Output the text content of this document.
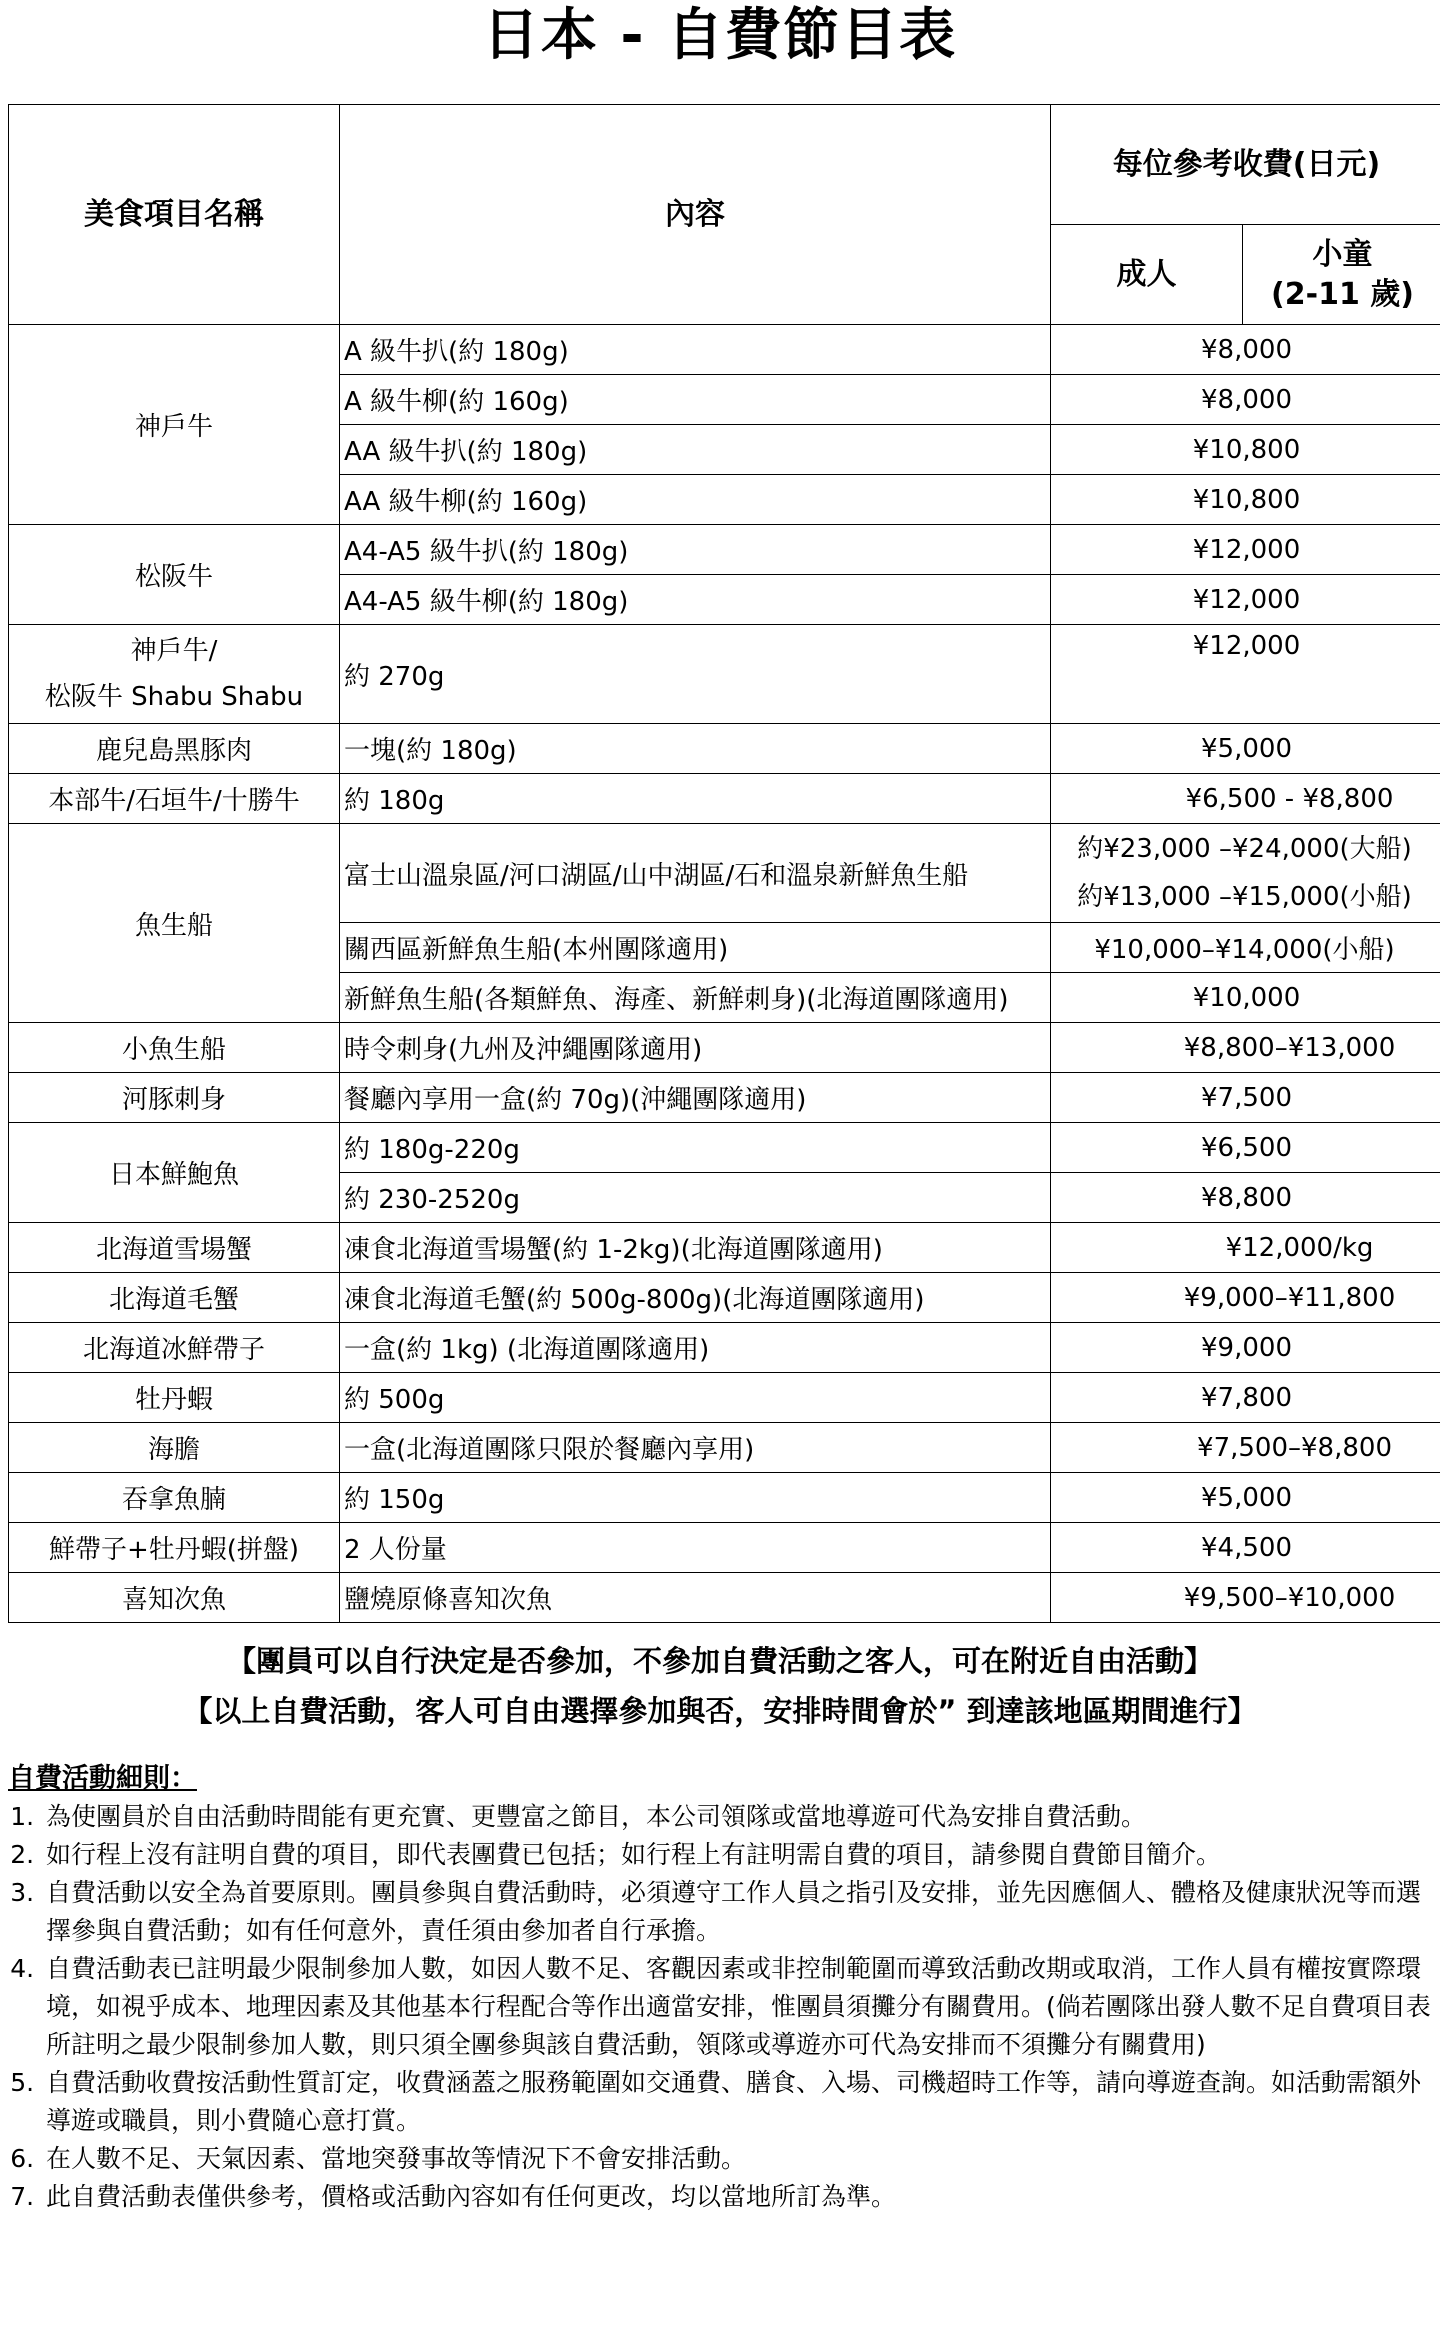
日本 - 自費節目表
美食項目名稱	內容	每位參考收費(日元)	
		成人	小童
(2-11 歲)
神戶牛	A 級牛扒(約 180g)	¥8,000	
	A 級牛柳(約 160g)	¥8,000	
	AA 級牛扒(約 180g)	¥10,800	
	AA 級牛柳(約 160g)	¥10,800	
松阪牛	A4-A5 級牛扒(約 180g)	¥12,000	
	A4-A5 級牛柳(約 180g)	¥12,000	
神戶牛/
松阪牛 Shabu Shabu	約 270g	¥12,000	
鹿兒島黑豚肉	一塊(約 180g)	¥5,000	
本部牛/石垣牛/十勝牛	約 180g	¥6,500 - ¥8,800	
魚生船	富士山溫泉區/河口湖區/山中湖區/石和溫泉新鮮魚生船	約¥23,000 –¥24,000(大船)
約¥13,000 –¥15,000(小船)	
	關西區新鮮魚生船(本州團隊適用)	¥10,000–¥14,000(小船)	
	新鮮魚生船(各類鮮魚、海產、新鮮刺身)(北海道團隊適用)	¥10,000	
小魚生船	時令刺身(九州及沖繩團隊適用)	¥8,800–¥13,000	
河豚刺身	餐廳內享用一盒(約 70g)(沖繩團隊適用)	¥7,500	
日本鮮鮑魚	約 180g-220g	¥6,500	
	約 230-2520g	¥8,800	
北海道雪場蟹	凍食北海道雪場蟹(約 1-2kg)(北海道團隊適用)	¥12,000/kg	
北海道毛蟹	凍食北海道毛蟹(約 500g-800g)(北海道團隊適用)	¥9,000–¥11,800	
北海道冰鮮帶子	一盒(約 1kg) (北海道團隊適用)	¥9,000	
牡丹蝦	約 500g	¥7,800	
海膽	一盒(北海道團隊只限於餐廳內享用)	¥7,500–¥8,800	
吞拿魚腩	約 150g	¥5,000	
鮮帶子+牡丹蝦(拼盤)	2 人份量	¥4,500	
喜知次魚	鹽燒原條喜知次魚	¥9,500–¥10,000	
【團員可以自行決定是否參加，不參加自費活動之客人，可在附近自由活動】
【以上自費活動，客人可自由選擇參加與否，安排時間會於” 到達該地區期間進行】
自費活動細則：
1. 為使團員於自由活動時間能有更充實、更豐富之節目，本公司領隊或當地導遊可代為安排自費活動。
2. 如行程上沒有註明自費的項目，即代表團費已包括；如行程上有註明需自費的項目，請參閱自費節目簡介。
3. 自費活動以安全為首要原則。團員參與自費活動時，必須遵守工作人員之指引及安排，並先因應個人、體格及健康狀況等而選擇參與自費活動；如有任何意外，責任須由參加者自行承擔。
4. 自費活動表已註明最少限制參加人數，如因人數不足、客觀因素或非控制範圍而導致活動改期或取消，工作人員有權按實際環境，如視乎成本、地理因素及其他基本行程配合等作出適當安排，惟團員須攤分有關費用。(倘若團隊出發人數不足自費項目表所註明之最少限制參加人數，則只須全團參與該自費活動，領隊或導遊亦可代為安排而不須攤分有關費用)
5. 自費活動收費按活動性質訂定，收費涵蓋之服務範圍如交通費、膳食、入場、司機超時工作等，請向導遊查詢。如活動需額外導遊或職員，則小費隨心意打賞。
6. 在人數不足、天氣因素、當地突發事故等情況下不會安排活動。
7. 此自費活動表僅供參考，價格或活動內容如有任何更改，均以當地所訂為準。
